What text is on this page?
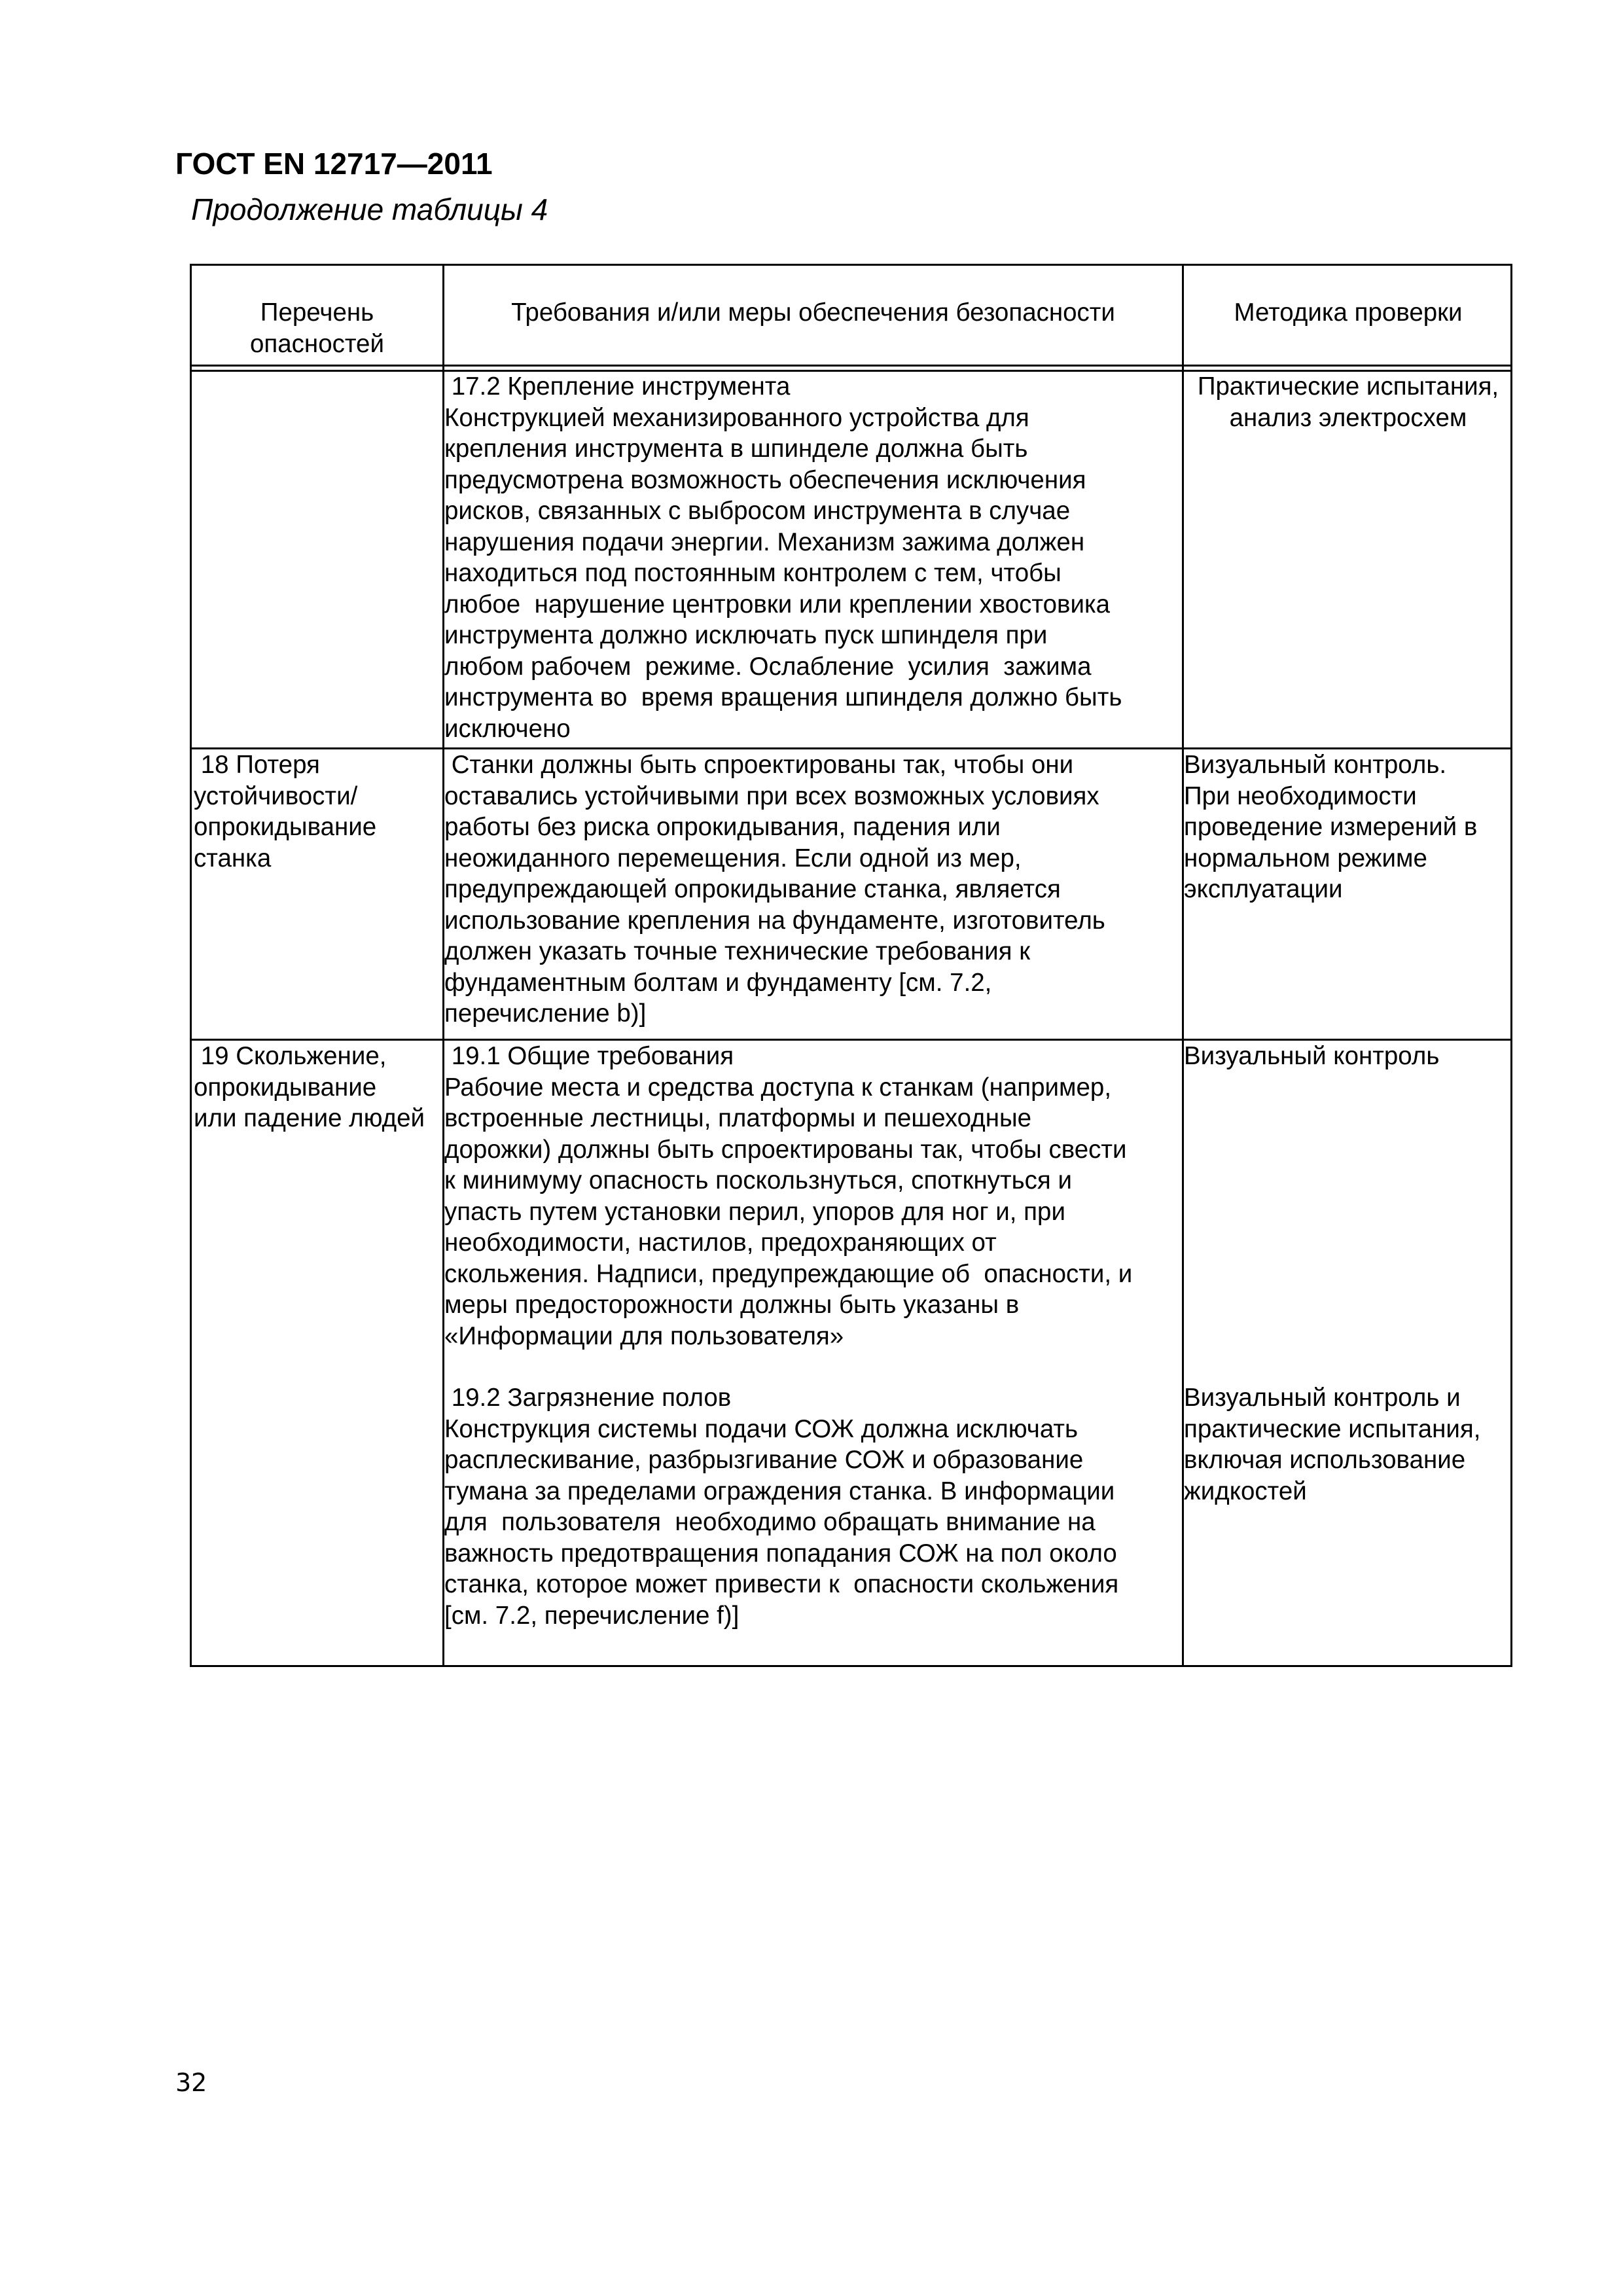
ГОСТ EN 12717—2011
Продолжение таблицы 4
Перечень
опасностей
Требования и/или меры обеспечения безопасности	Методика проверки
17.2 Крепление инструмента
Конструкцией механизированного устройства для
крепления инструмента в шпинделе должна быть
предусмотрена возможность обеспечения исключения
рисков, связанных с выбросом инструмента в случае
нарушения подачи энергии. Механизм зажима должен
находиться под постоянным контролем с тем, чтобы
любое  нарушение центровки или креплении хвостовика
инструмента должно исключать пуск шпинделя при
любом рабочем  режиме. Ослабление  усилия  зажима
инструмента во  время вращения шпинделя должно быть
исключено
Практические испытания,
анализ электросхем
18 Потеря
устойчивости/
опрокидывание
станка
Станки должны быть спроектированы так, чтобы они
оставались устойчивыми при всех возможных условиях
работы без риска опрокидывания, падения или
неожиданного перемещения. Если одной из мер,
предупреждающей опрокидывание станка, является
использование крепления на фундаменте, изготовитель
должен указать точные технические требования к
фундаментным болтам и фундаменту [см. 7.2,
перечисление b)]
Визуальный контроль.
При необходимости
проведение измерений в
нормальном режиме
эксплуатации
19 Скольжение,
опрокидывание
или падение людей
19.1 Общие требования
Рабочие места и средства доступа к станкам (например,
встроенные лестницы, платформы и пешеходные
дорожки) должны быть спроектированы так, чтобы свести
к минимуму опасность поскользнуться, споткнуться и
упасть путем установки перил, упоров для ног и, при
необходимости, настилов, предохраняющих от
скольжения. Надписи, предупреждающие об  опасности, и
меры предосторожности должны быть указаны в
«Информации для пользователя»
Визуальный контроль
19.2 Загрязнение полов
Конструкция системы подачи СОЖ должна исключать
расплескивание, разбрызгивание СОЖ и образование
тумана за пределами ограждения станка. В информации
для  пользователя  необходимо обращать внимание на
важность предотвращения попадания СОЖ на пол около
станка, которое может привести к  опасности скольжения
[см. 7.2, перечисление f)]
Визуальный контроль и
практические испытания,
включая использование
жидкостей
32
